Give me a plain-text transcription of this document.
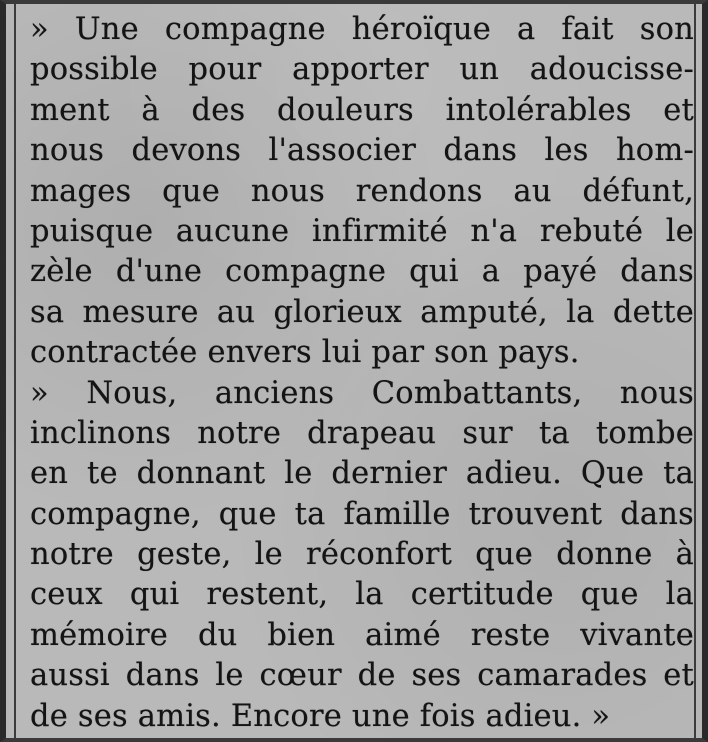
» Une compagne héroïque a fait son
possible pour apporter un adoucisse-
ment à des douleurs intolérables et
nous devons l'associer dans les hom-
mages que nous rendons au défunt,
puisque aucune infirmité n'a rebuté le
zèle d'une compagne qui a payé dans
sa mesure au glorieux amputé, la dette
contractée envers lui par son pays.
» Nous, anciens Combattants, nous
inclinons notre drapeau sur ta tombe
en te donnant le dernier adieu. Que ta
compagne, que ta famille trouvent dans
notre geste, le réconfort que donne à
ceux qui restent, la certitude que la
mémoire du bien aimé reste vivante
aussi dans le cœur de ses camarades et
de ses amis. Encore une fois adieu. »
